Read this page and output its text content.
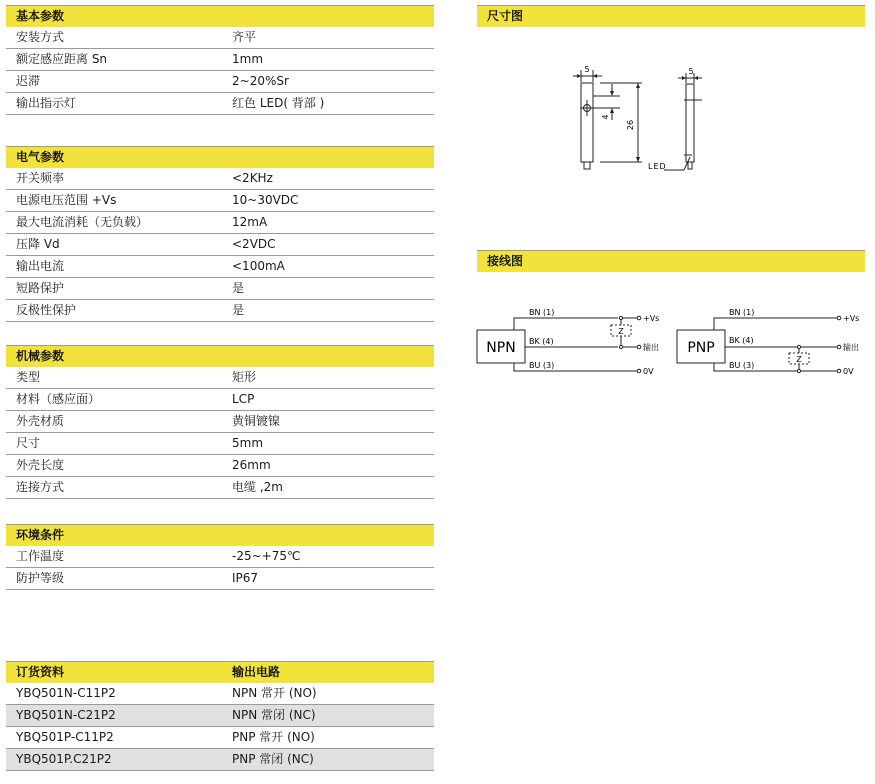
基本参数
安装方式	齐平
额定感应距离 Sn	1mm
迟滞	2~20%Sr
输出指示灯	红色 LED( 背部 )
电气参数
开关频率	<2KHz
电源电压范围 +Vs	10~30VDC
最大电流消耗（无负载）	12mA
压降 Vd	<2VDC
输出电流	<100mA
短路保护	是
反极性保护	是
机械参数
类型	矩形
材料（感应面）	LCP
外壳材质	黄铜镀镍
尺寸	5mm
外壳长度	26mm
连接方式	电缆 ,2m
环境条件
工作温度	-25~+75℃
防护等级	IP67
订货资料	输出电路
YBQ501N-C11P2	NPN 常开 (NO)
YBQ501N-C21P2	NPN 常闭 (NC)
YBQ501P-C11P2	PNP 常开 (NO)
YBQ501P.C21P2	PNP 常闭 (NC)
尺寸图
5	5
4
26
LED
接线图
NPN
BN (1)
BK (4)
BU (3)
Z
+Vs
输出
0V
PNP
BN (1)
BK (4)
BU (3)
Z
+Vs
输出
0V
